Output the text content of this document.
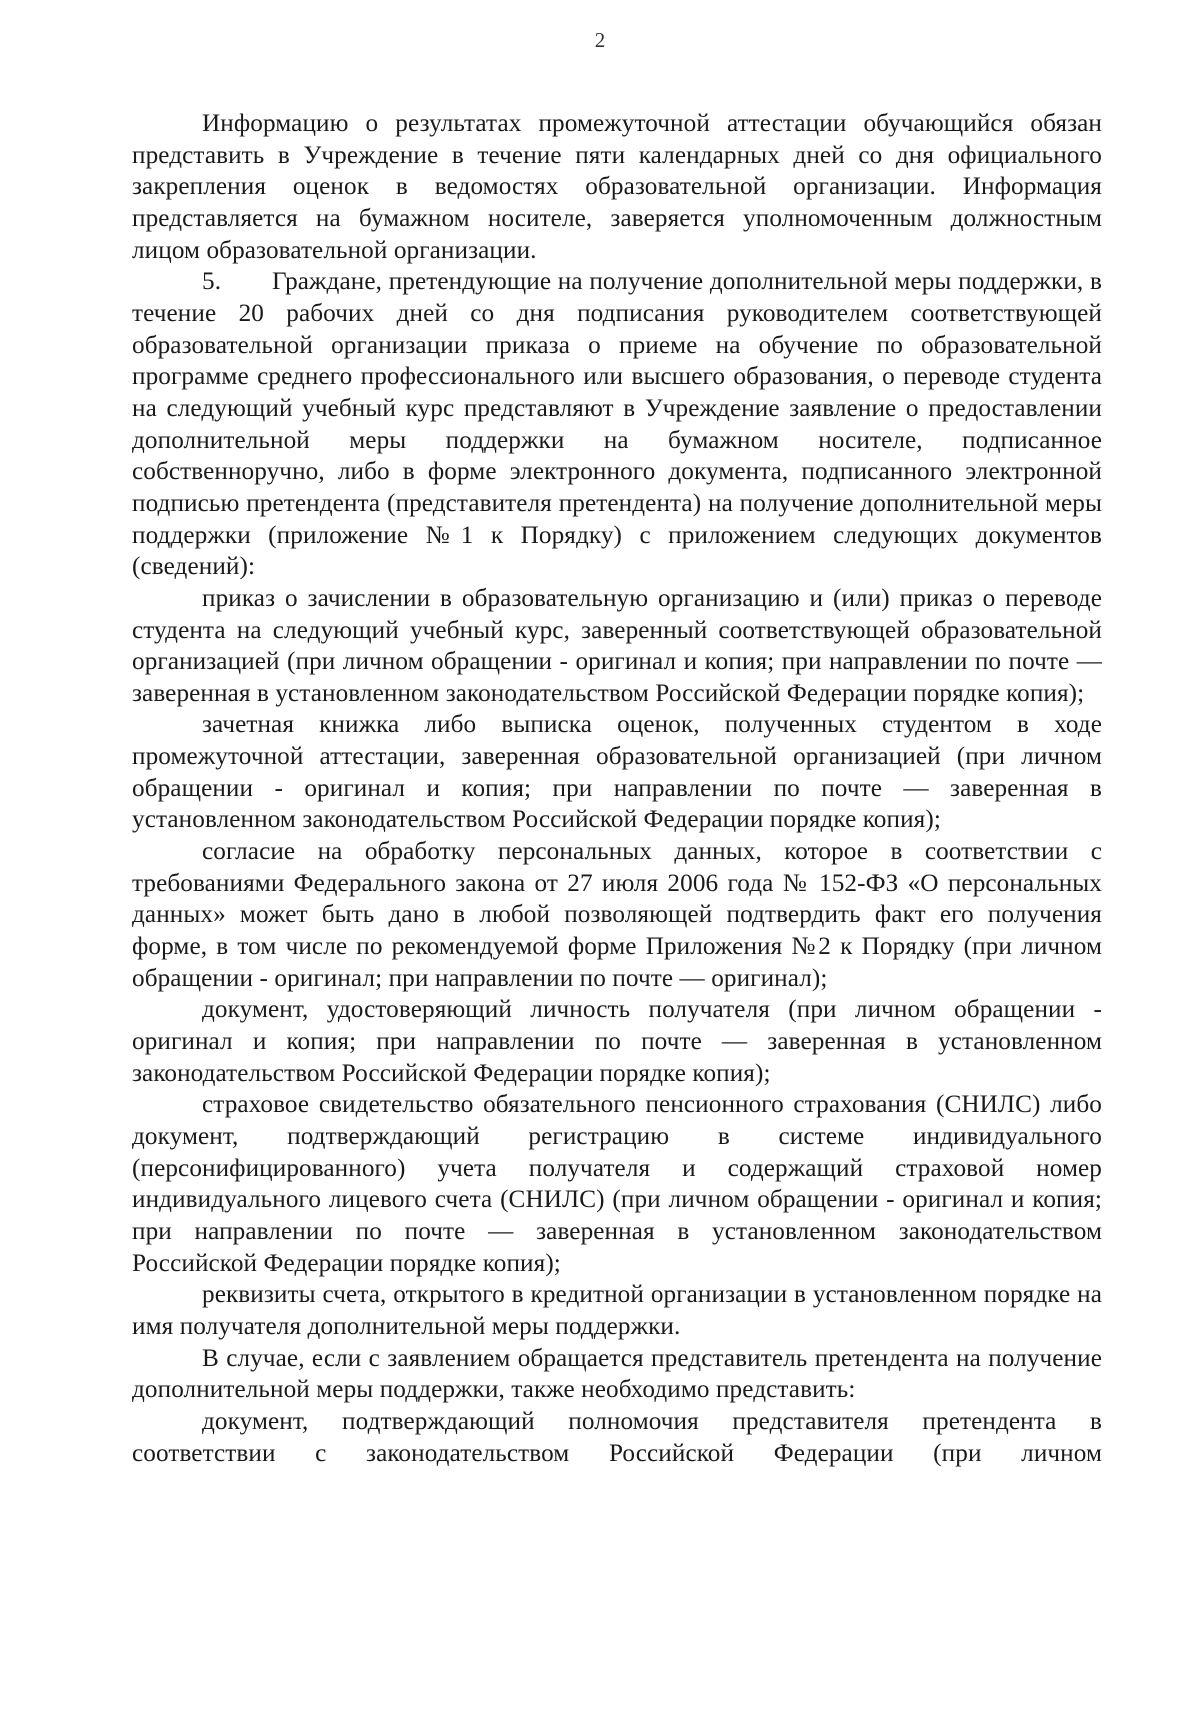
2

Информацию о результатах промежуточной аттестации обучающийся обязан представить в Учреждение в течение пяти календарных дней со дня официального закрепления оценок в ведомостях образовательной организации. Информация представляется на бумажном носителе, заверяется уполномоченным должностным лицом образовательной организации.

5. Граждане, претендующие на получение дополнительной меры поддержки, в течение 20 рабочих дней со дня подписания руководителем соответствующей образовательной организации приказа о приеме на обучение по образовательной программе среднего профессионального или высшего образования, о переводе студента на следующий учебный курс представляют в Учреждение заявление о предоставлении дополнительной меры поддержки на бумажном носителе, подписанное собственноручно, либо в форме электронного документа, подписанного электронной подписью претендента (представителя претендента) на получение дополнительной меры поддержки (приложение №1 к Порядку) с приложением следующих документов (сведений):

приказ о зачислении в образовательную организацию и (или) приказ о переводе студента на следующий учебный курс, заверенный соответствующей образовательной организацией (при личном обращении - оригинал и копия; при направлении по почте — заверенная в установленном законодательством Российской Федерации порядке копия);

зачетная книжка либо выписка оценок, полученных студентом в ходе промежуточной аттестации, заверенная образовательной организацией (при личном обращении - оригинал и копия; при направлении по почте — заверенная в установленном законодательством Российской Федерации порядке копия);

согласие на обработку персональных данных, которое в соответствии с требованиями Федерального закона от 27 июля 2006 года № 152-ФЗ «О персональных данных» может быть дано в любой позволяющей подтвердить факт его получения форме, в том числе по рекомендуемой форме Приложения №2 к Порядку (при личном обращении - оригинал; при направлении по почте — оригинал);

документ, удостоверяющий личность получателя (при личном обращении - оригинал и копия; при направлении по почте — заверенная в установленном законодательством Российской Федерации порядке копия);

страховое свидетельство обязательного пенсионного страхования (СНИЛС) либо документ, подтверждающий регистрацию в системе индивидуального (персонифицированного) учета получателя и содержащий страховой номер индивидуального лицевого счета (СНИЛС) (при личном обращении - оригинал и копия; при направлении по почте — заверенная в установленном законодательством Российской Федерации порядке копия);

реквизиты счета, открытого в кредитной организации в установленном порядке на имя получателя дополнительной меры поддержки.

В случае, если с заявлением обращается представитель претендента на получение дополнительной меры поддержки, также необходимо представить:

документ, подтверждающий полномочия представителя претендента в соответствии с законодательством Российской Федерации (при личном
